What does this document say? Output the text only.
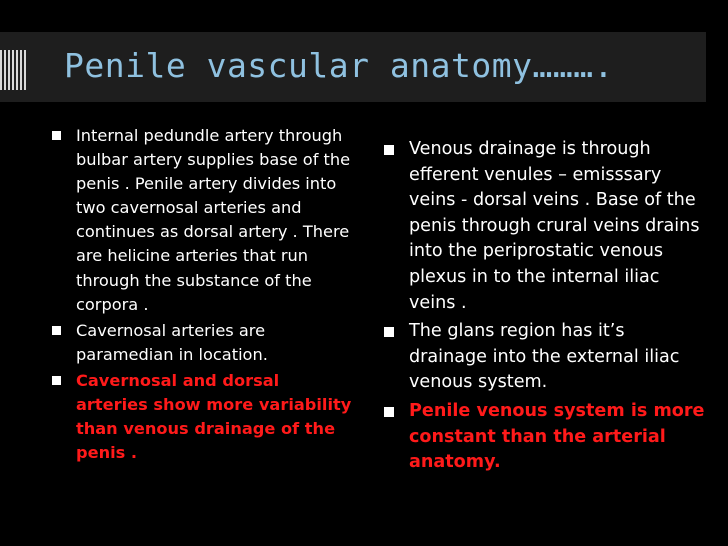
Penile vascular anatomy……….
Internal pedundle artery through bulbar artery supplies base of the penis . Penile artery divides into two cavernosal arteries and continues as dorsal artery . There are helicine arteries that run through the substance of the corpora .
Cavernosal arteries are paramedian in location.
Cavernosal and dorsal arteries show more variability than venous drainage of the penis .
Venous drainage is through efferent venules – emisssary veins - dorsal veins . Base of the penis through crural veins drains into the periprostatic venous plexus in to the internal iliac veins .
The glans region has it’s drainage into the external iliac venous system.
Penile venous system is more constant than the arterial anatomy.
